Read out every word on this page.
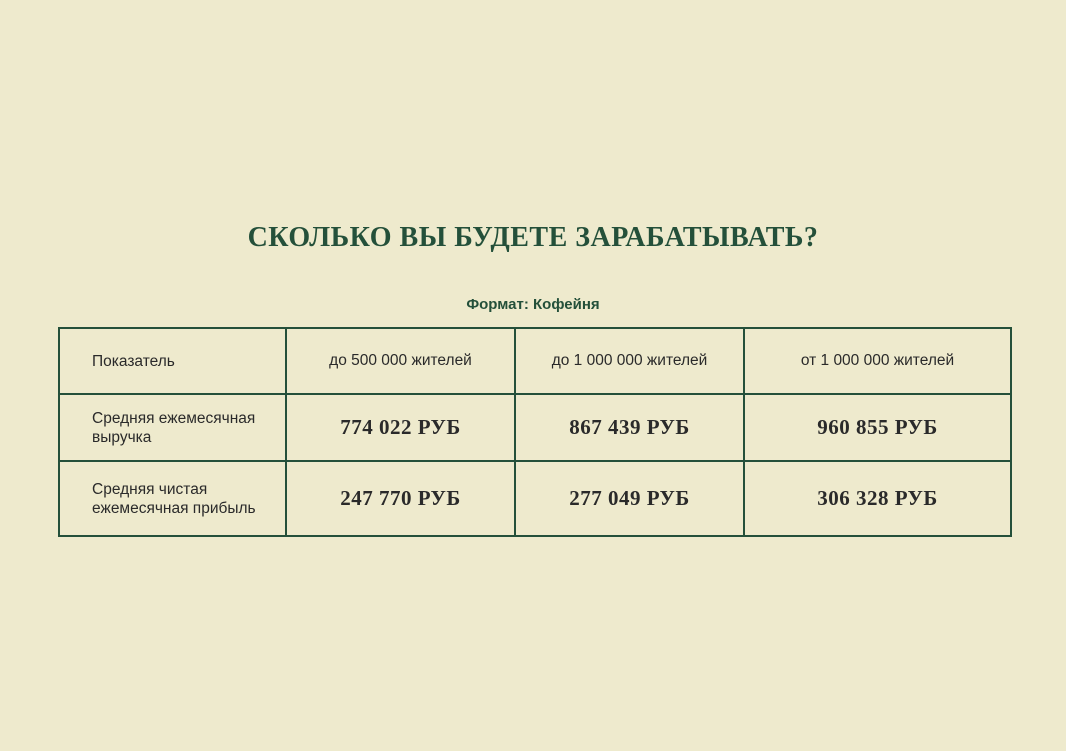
СКОЛЬКО ВЫ БУДЕТЕ ЗАРАБАТЫВАТЬ?
Формат: Кофейня
Показатель	до 500 000 жителей	до 1 000 000 жителей	от 1 000 000 жителей
Средняя ежемесячная выручка	774 022 РУБ	867 439 РУБ	960 855 РУБ
Средняя чистая ежемесячная прибыль	247 770 РУБ	277 049 РУБ	306 328 РУБ
